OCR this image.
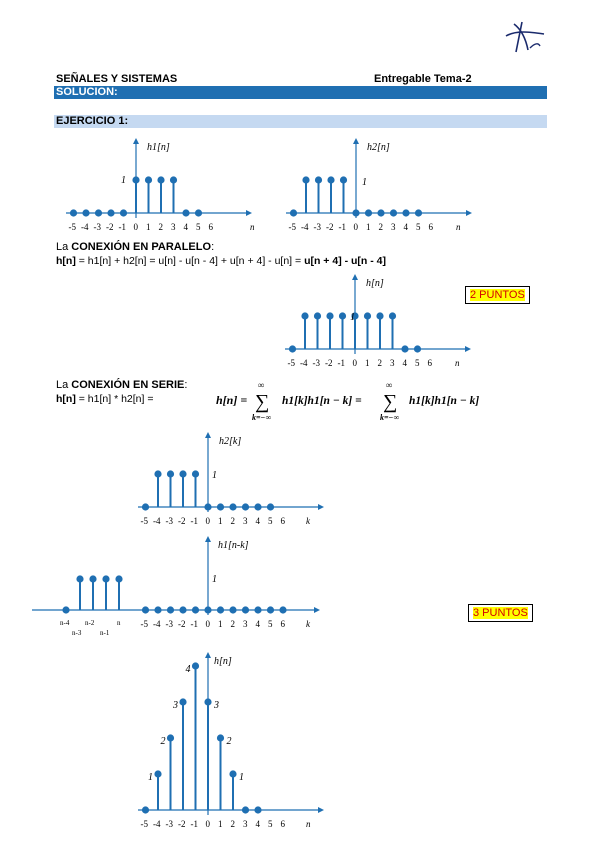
SEÑALES Y SISTEMAS	Entregable Tema-2
SOLUCION:
EJERCICIO 1:
h1[n]
1
n
-5 -4 -3 -2 -1 0 1 2 3 4 5 6
h2[n]
1
n
-5 -4 -3 -2 -1 0 1 2 3 4 5 6
La CONEXIÓN EN PARALELO:
h[n] = h1[n] + h2[n] = u[n] - u[n - 4] + u[n + 4] - u[n] = u[n + 4] - u[n - 4]
2 PUNTOS
h[n]
1
n
-5 -4 -3 -2 -1 0 1 2 3 4 5 6
La CONEXIÓN EN SERIE:
h[n] = h1[n] * h2[n] =	h[n] =
∞
∑
k=−∞
h1[k]h1[n − k] =
∞
∑
k=−∞
h1[k]h1[n − k]
h2[k]
1
k
-5 -4 -3 -2 -1 0 1 2 3 4 5 6
h1[n-k]
1
k
-5 -4 -3 -2 -1 0 1 2 3 4 5 6
n-4 n-2	n
n-3	n-1
3 PUNTOS
1
2
3
4
3
2
1
h[n]
n
-5 -4 -3 -2 -1 0 1 2 3 4 5 6
